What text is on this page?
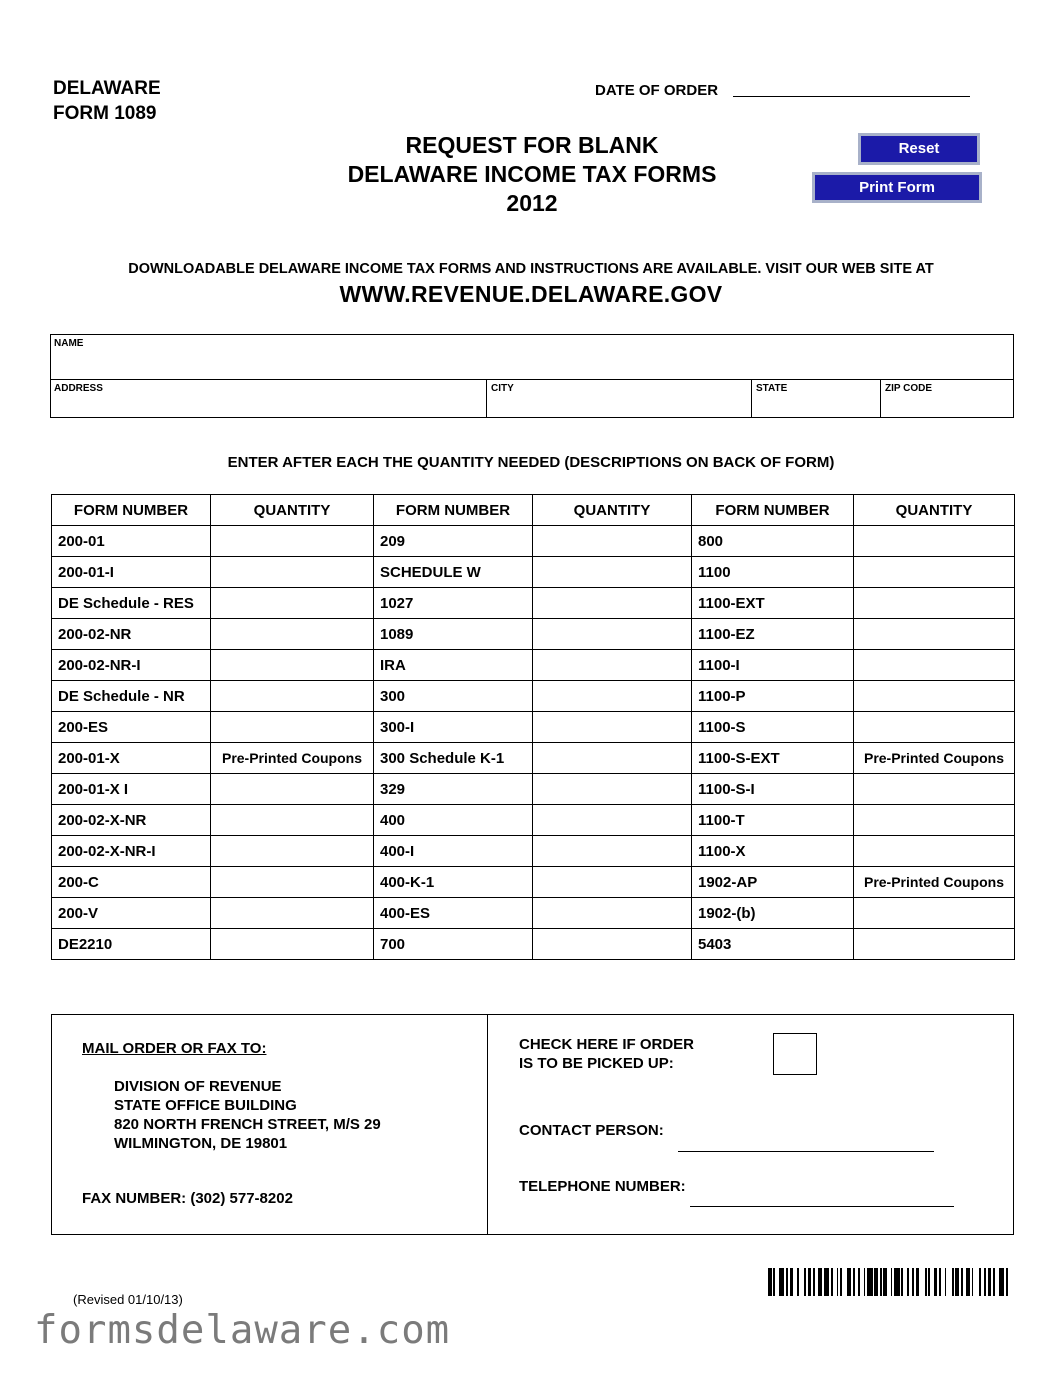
DELAWARE
FORM 1089
DATE OF ORDER
REQUEST FOR BLANK
DELAWARE INCOME TAX FORMS
2012
Reset
Print Form
DOWNLOADABLE DELAWARE INCOME TAX FORMS AND INSTRUCTIONS ARE AVAILABLE. VISIT OUR WEB SITE AT
WWW.REVENUE.DELAWARE.GOV
NAME
ADDRESS	CITY	STATE	ZIP CODE
ENTER AFTER EACH THE QUANTITY NEEDED (DESCRIPTIONS ON BACK OF FORM)
FORM NUMBER	QUANTITY	FORM NUMBER	QUANTITY	FORM NUMBER	QUANTITY
200-01		209		800	
200-01-I		SCHEDULE W		1100	
DE Schedule - RES		1027		1100-EXT	
200-02-NR		1089		1100-EZ	
200-02-NR-I		IRA		1100-I	
DE Schedule - NR		300		1100-P	
200-ES		300-I		1100-S	
200-01-X	Pre-Printed Coupons	300 Schedule K-1		1100-S-EXT	Pre-Printed Coupons
200-01-X I		329		1100-S-I	
200-02-X-NR		400		1100-T	
200-02-X-NR-I		400-I		1100-X	
200-C		400-K-1		1902-AP	Pre-Printed Coupons
200-V		400-ES		1902-(b)	
DE2210		700		5403	
MAIL ORDER OR FAX TO:
DIVISION OF REVENUE
STATE OFFICE BUILDING
820 NORTH FRENCH STREET, M/S 29
WILMINGTON, DE 19801
FAX NUMBER: (302) 577-8202
CHECK HERE IF ORDER
IS TO BE PICKED UP:
CONTACT PERSON:
TELEPHONE NUMBER:
(Revised 01/10/13)
formsdelaware.com
